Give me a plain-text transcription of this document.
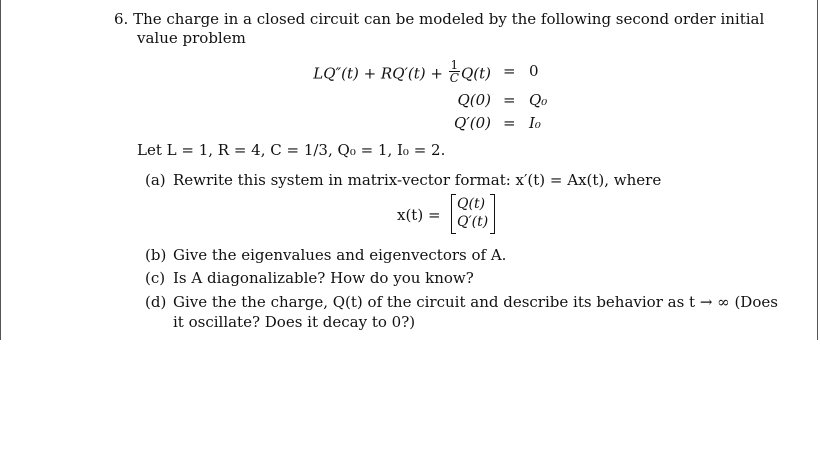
6. The charge in a closed circuit can be modeled by the following second order initial
value problem
$LQ''(t) + RQ'(t) + \frac{1}{C} Q(t) = 0$
Q(0) = Q₀
Q′(0) = I₀
Let L = 1, R = 4, C = 1/3, Q₀ = 1, I₀ = 2.
(a) Rewrite this system in matrix-vector format: x′(t) = Ax(t), where
x(t) =
Q(t)
Q′(t)
(b) Give the eigenvalues and eigenvectors of A.
(c) Is A diagonalizable? How do you know?
(d) Give the the charge, Q(t) of the circuit and describe its behavior as t → ∞ (Does
it oscillate? Does it decay to 0?)
